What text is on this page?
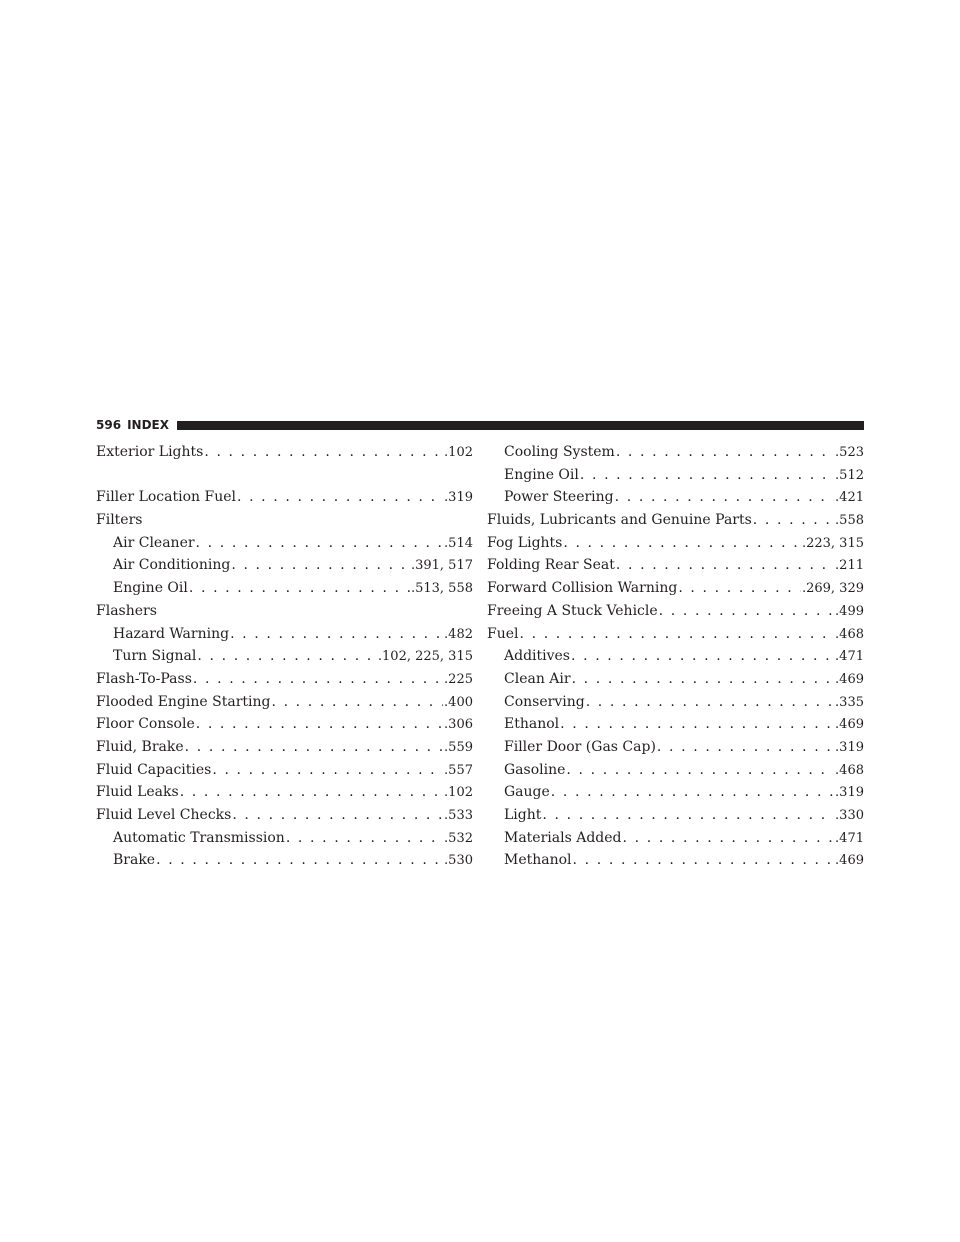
596 INDEX
Exterior Lights . . .	.102
Filler Location Fuel . . .	.319
Filters
Air Cleaner . . .	.514
Air Conditioning . . .	.391, 517
Engine Oil . . .	.513, 558
Flashers
Hazard Warning . . .	.482
Turn Signal . . .	.102, 225, 315
Flash-To-Pass . . .	.225
Flooded Engine Starting . . .	.400
Floor Console . . .	.306
Fluid, Brake . . .	.559
Fluid Capacities . . .	.557
Fluid Leaks . . .	.102
Fluid Level Checks . . .	.533
Automatic Transmission . . .	.532
Brake . . .	.530
Cooling System . . .	.523
Engine Oil . . .	.512
Power Steering . . .	.421
Fluids, Lubricants and Genuine Parts . . .	.558
Fog Lights . . .	.223, 315
Folding Rear Seat . . .	.211
Forward Collision Warning . . .	.269, 329
Freeing A Stuck Vehicle . . .	.499
Fuel . . .	.468
Additives . . .	.471
Clean Air . . .	.469
Conserving . . .	.335
Ethanol . . .	.469
Filler Door (Gas Cap) . . .	.319
Gasoline . . .	.468
Gauge . . .	.319
Light . . .	.330
Materials Added . . .	.471
Methanol . . .	.469
